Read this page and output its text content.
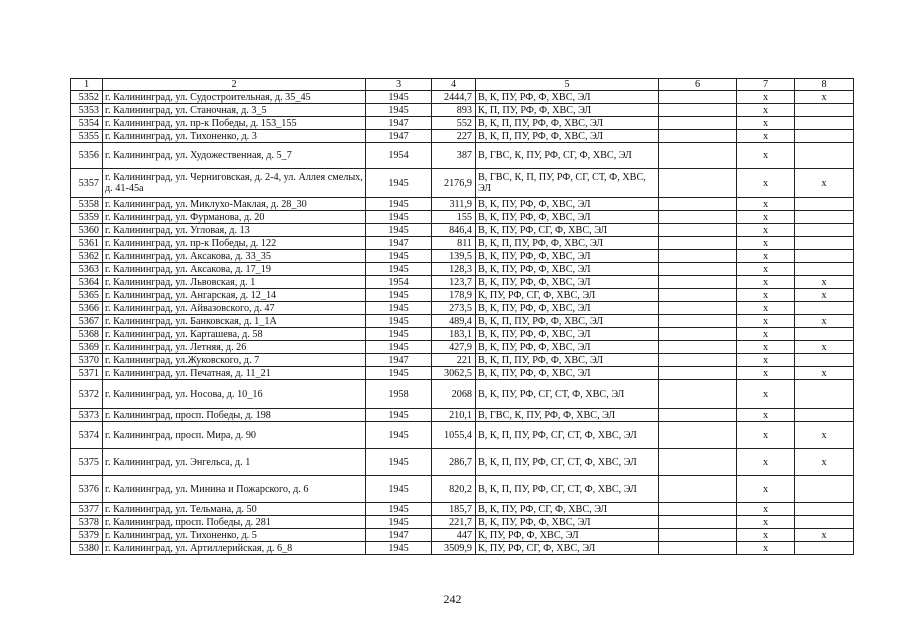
1	2	3	4	5	6	7	8
5352	г. Калининград, ул. Судостроительная, д. 35_45	1945	2444,7	В, К, ПУ, РФ, Ф, ХВС, ЭЛ		x	x
5353	г. Калининград, ул. Станочная, д. 3_5	1945	893	К, П, ПУ, РФ, Ф, ХВС, ЭЛ		x	
5354	г. Калининград, ул. пр-к Победы, д. 153_155	1947	552	В, К, П, ПУ, РФ, Ф, ХВС, ЭЛ		x	
5355	г. Калининград, ул. Тихоненко, д. 3	1947	227	В, К, П, ПУ, РФ, Ф, ХВС, ЭЛ		x	
5356	г. Калининград, ул. Художественная, д. 5_7	1954	387	В, ГВС, К, ПУ, РФ, СГ, Ф, ХВС, ЭЛ		x	
5357	г. Калининград, ул. Черниговская, д. 2-4, ул. Аллея смелых, д. 41-45а	1945	2176,9	В, ГВС, К, П, ПУ, РФ, СГ, СТ, Ф, ХВС, ЭЛ		x	x
5358	г. Калининград, ул. Миклухо-Маклая, д. 28_30	1945	311,9	В, К, ПУ, РФ, Ф, ХВС, ЭЛ		x	
5359	г. Калининград, ул. Фурманова, д. 20	1945	155	В, К, ПУ, РФ, Ф, ХВС, ЭЛ		x	
5360	г. Калининград, ул. Угловая, д. 13	1945	846,4	В, К, ПУ, РФ, СГ, Ф, ХВС, ЭЛ		x	
5361	г. Калининград, ул. пр-к Победы, д. 122	1947	811	В, К, П, ПУ, РФ, Ф, ХВС, ЭЛ		x	
5362	г. Калининград, ул. Аксакова, д. 33_35	1945	139,5	В, К, ПУ, РФ, Ф, ХВС, ЭЛ		x	
5363	г. Калининград, ул. Аксакова, д. 17_19	1945	128,3	В, К, ПУ, РФ, Ф, ХВС, ЭЛ		x	
5364	г. Калининград, ул. Львовская, д. 1	1954	123,7	В, К, ПУ, РФ, Ф, ХВС, ЭЛ		x	x
5365	г. Калининград, ул. Ангарская, д. 12_14	1945	178,9	К, ПУ, РФ, СГ, Ф, ХВС, ЭЛ		x	x
5366	г. Калининград, ул. Айвазовского, д. 47	1945	273,5	В, К, ПУ, РФ, Ф, ХВС, ЭЛ		x	
5367	г. Калининград, ул. Банковская, д. 1_1А	1945	489,4	В, К, П, ПУ, РФ, Ф, ХВС, ЭЛ		x	x
5368	г. Калининград, ул. Карташева, д. 58	1945	183,1	В, К, ПУ, РФ, Ф, ХВС, ЭЛ		x	
5369	г. Калининград, ул. Летняя, д. 26	1945	427,9	В, К, ПУ, РФ, Ф, ХВС, ЭЛ		x	x
5370	г. Калининград, ул.Жуковского, д. 7	1947	221	В, К, П, ПУ, РФ, Ф, ХВС, ЭЛ		x	
5371	г. Калининград, ул. Печатная, д. 11_21	1945	3062,5	В, К, ПУ, РФ, Ф, ХВС, ЭЛ		x	x
5372	г. Калининград, ул. Носова, д. 10_16	1958	2068	В, К, ПУ, РФ, СГ, СТ, Ф, ХВС, ЭЛ		x	
5373	г. Калининград, просп. Победы, д. 198	1945	210,1	В, ГВС, К, ПУ, РФ, Ф, ХВС, ЭЛ		x	
5374	г. Калининград, просп. Мира, д. 90	1945	1055,4	В, К, П, ПУ, РФ, СГ, СТ, Ф, ХВС, ЭЛ		x	x
5375	г. Калининград, ул. Энгельса, д. 1	1945	286,7	В, К, П, ПУ, РФ, СГ, СТ, Ф, ХВС, ЭЛ		x	x
5376	г. Калининград, ул. Минина и Пожарского, д. 6	1945	820,2	В, К, П, ПУ, РФ, СГ, СТ, Ф, ХВС, ЭЛ		x	
5377	г. Калининград, ул. Тельмана, д. 50	1945	185,7	В, К, ПУ, РФ, СГ, Ф, ХВС, ЭЛ		x	
5378	г. Калининград, просп. Победы, д. 281	1945	221,7	В, К, ПУ, РФ, Ф, ХВС, ЭЛ		x	
5379	г. Калининград, ул. Тихоненко, д. 5	1947	447	К, ПУ, РФ, Ф, ХВС, ЭЛ		x	x
5380	г. Калининград, ул. Артиллерийская, д. 6_8	1945	3509,9	К, ПУ, РФ, СГ, Ф, ХВС, ЭЛ		x	
242
